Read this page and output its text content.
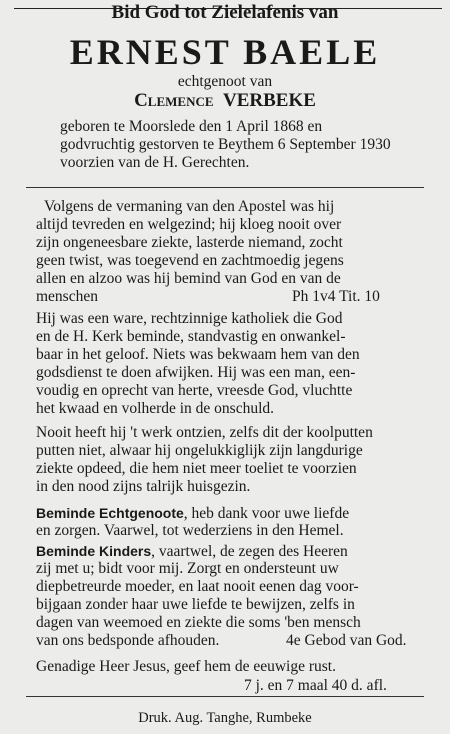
Bid God tot Zielelafenis van
ERNEST BAELE
echtgenoot van
Clemence VERBEKE
geboren te Moorslede den 1 April 1868 en
godvruchtig gestorven te Beythem 6 September 1930
voorzien van de H. Gerechten.
Volgens de vermaning van den Apostel was hij
altijd tevreden en welgezind; hij kloeg nooit over
zijn ongeneesbare ziekte, lasterde niemand, zocht
geen twist, was toegevend en zachtmoedig jegens
allen en alzoo was hij bemind van God en van de
menschen	Ph 1v4 Tit. 10
Hij was een ware, rechtzinnige katholiek die God
en de H. Kerk beminde, standvastig en onwankel-
baar in het geloof. Niets was bekwaam hem van den
godsdienst te doen afwijken. Hij was een man, een-
voudig en oprecht van herte, vreesde God, vluchtte
het kwaad en volherde in de onschuld.
Nooit heeft hij 't werk ontzien, zelfs dit der koolputten
putten niet, alwaar hij ongelukkiglijk zijn langdurige
ziekte opdeed, die hem niet meer toeliet te voorzien
in den nood zijns talrijk huisgezin.
Beminde Echtgenoote, heb dank voor uwe liefde
en zorgen. Vaarwel, tot wederziens in den Hemel.
Beminde Kinders, vaartwel, de zegen des Heeren
zij met u; bidt voor mij. Zorgt en ondersteunt uw
diepbetreurde moeder, en laat nooit eenen dag voor-
bijgaan zonder haar uwe liefde te bewijzen, zelfs in
dagen van weemoed en ziekte die soms 'ben mensch
van ons bedsponde afhouden.	4e Gebod van God.
Genadige Heer Jesus, geef hem de eeuwige rust.
7 j. en 7 maal 40 d. afl.
Druk. Aug. Tanghe, Rumbeke
